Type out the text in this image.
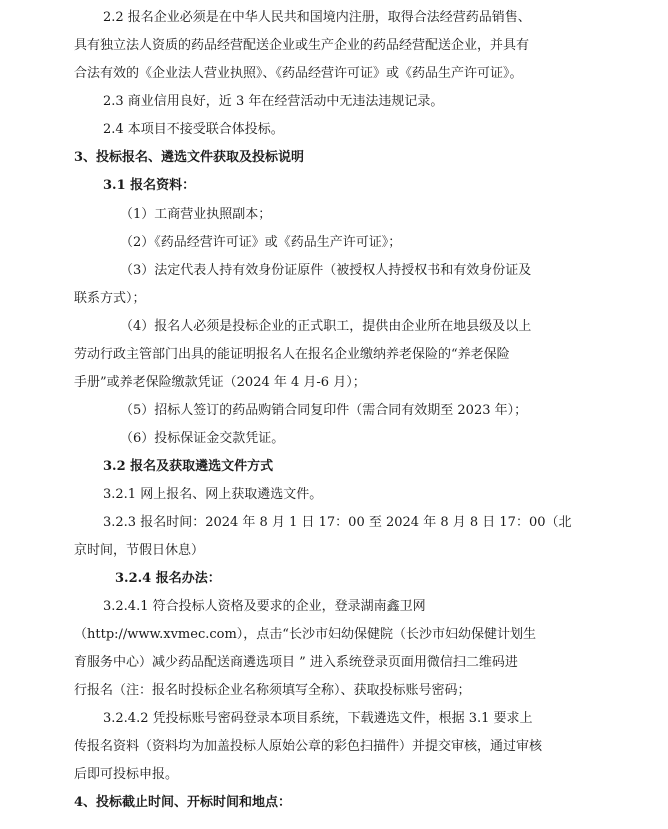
2.2 报名企业必须是在中华人民共和国境内注册，取得合法经营药品销售、
具有独立法人资质的药品经营配送企业或生产企业的药品经营配送企业，并具有
合法有效的《企业法人营业执照》、《药品经营许可证》或《药品生产许可证》。
2.3 商业信用良好，近 3 年在经营活动中无违法违规记录。
2.4 本项目不接受联合体投标。
3、投标报名、遴选文件获取及投标说明
3.1 报名资料：
（1）工商营业执照副本；
（2）《药品经营许可证》或《药品生产许可证》；
（3）法定代表人持有效身份证原件（被授权人持授权书和有效身份证及
联系方式）；
（4）报名人必须是投标企业的正式职工，提供由企业所在地县级及以上
劳动行政主管部门出具的能证明报名人在报名企业缴纳养老保险的“养老保险
手册”或养老保险缴款凭证（2024 年 4 月-6 月）；
（5）招标人签订的药品购销合同复印件（需合同有效期至 2023 年）；
（6）投标保证金交款凭证。
3.2 报名及获取遴选文件方式
3.2.1 网上报名、网上获取遴选文件。
3.2.3 报名时间：2024 年 8 月 1 日 17：00 至 2024 年 8 月 8 日 17：00（北
京时间，节假日休息）
3.2.4 报名办法：
3.2.4.1 符合投标人资格及要求的企业，登录湖南鑫卫网
（http://www.xvmec.com），点击“长沙市妇幼保健院（长沙市妇幼保健计划生
育服务中心）减少药品配送商遴选项目 ” 进入系统登录页面用微信扫二维码进
行报名（注：报名时投标企业名称须填写全称）、获取投标账号密码；
3.2.4.2 凭投标账号密码登录本项目系统，下载遴选文件，根据 3.1 要求上
传报名资料（资料均为加盖投标人原始公章的彩色扫描件）并提交审核，通过审核
后即可投标申报。
4、投标截止时间、开标时间和地点：
